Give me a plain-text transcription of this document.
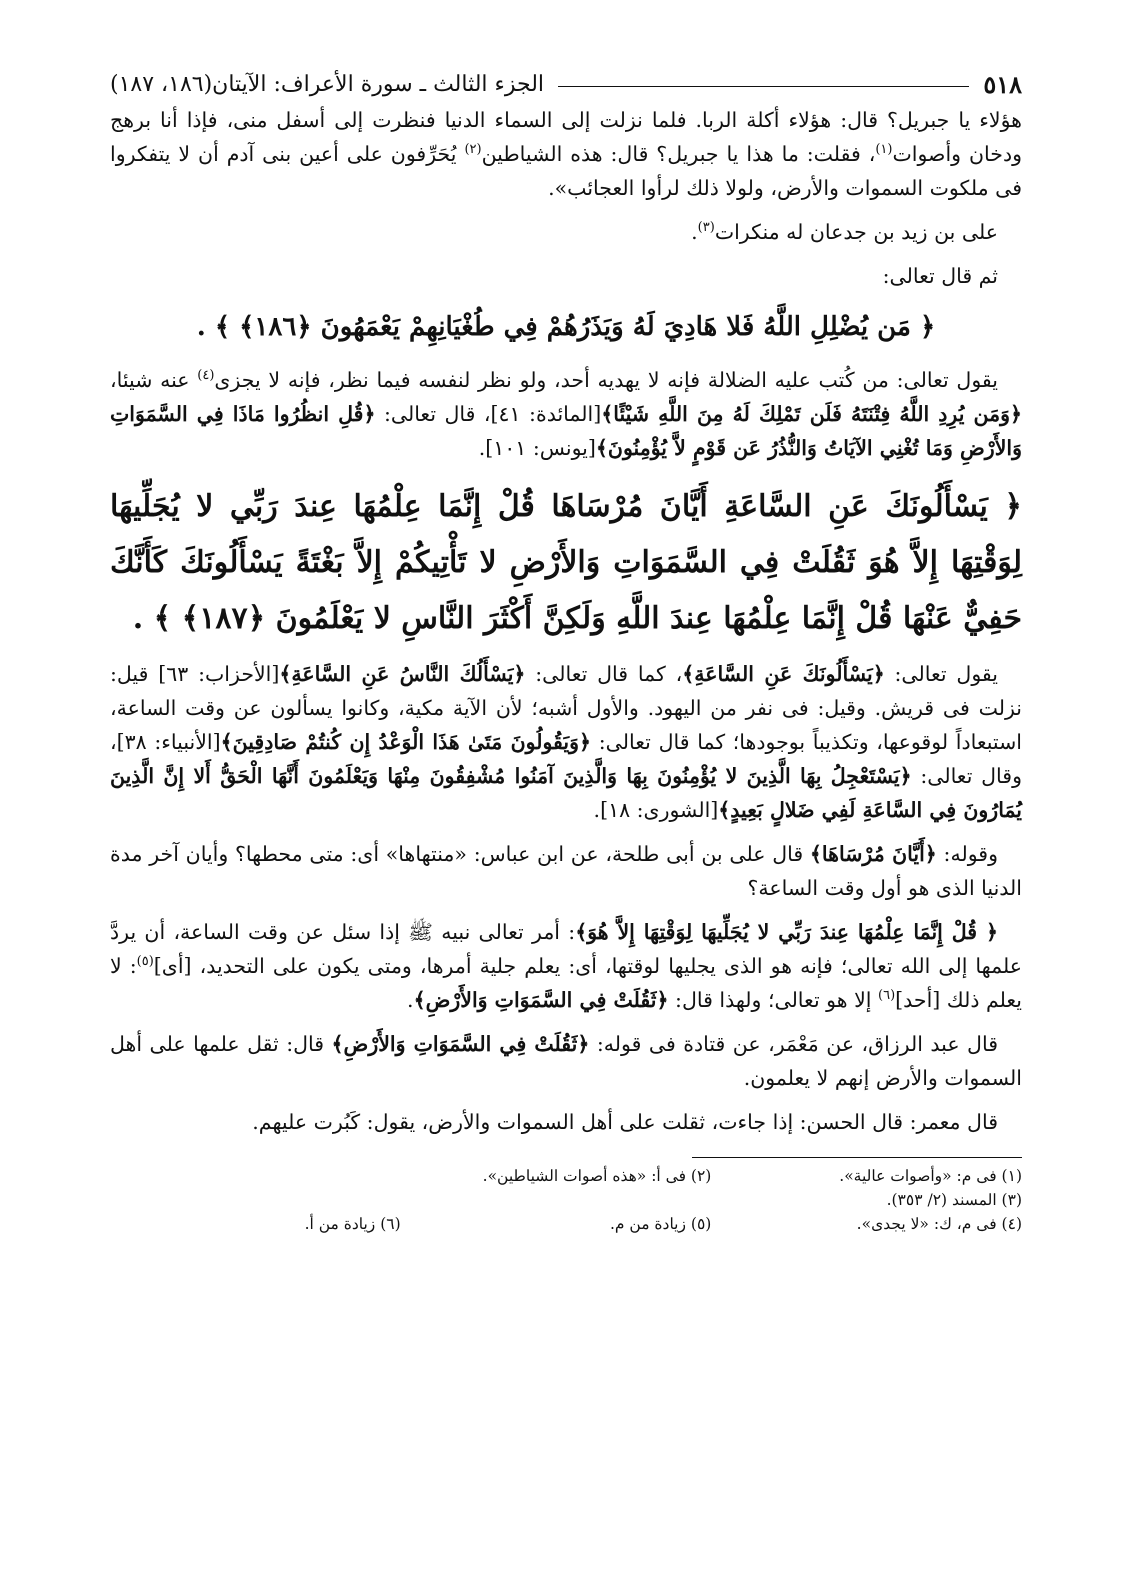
٥١٨
الجزء الثالث ـ سورة الأعراف: الآيتان(١٨٦، ١٨٧)

هؤلاء يا جبريل؟ قال: هؤلاء أكلة الربا. فلما نزلت إلى السماء الدنيا فنظرت إلى أسفل منى، فإذا أنا برهج ودخان وأصوات$^{(١)}$، فقلت: ما هذا يا جبريل؟ قال: هذه الشياطين$^{(٢)}$ يُحَرِّفون على أعين بنى آدم أن لا يتفكروا فى ملكوت السموات والأرض، ولولا ذلك لرأوا العجائب».

على بن زيد بن جدعان له منكرات$^{(٣)}$.

ثم قال تعالى:

﴿ مَن يُضْلِلِ اللَّهُ فَلا هَادِيَ لَهُ وَيَذَرُهُمْ فِي طُغْيَانِهِمْ يَعْمَهُونَ ﴿١٨٦﴾ ﴾ .

يقول تعالى: من كُتب عليه الضلالة فإنه لا يهديه أحد، ولو نظر لنفسه فيما نظر، فإنه لا يجزى$^{(٤)}$ عنه شيئا، ﴿وَمَن يُرِدِ اللَّهُ فِتْنَتَهُ فَلَن تَمْلِكَ لَهُ مِنَ اللَّهِ شَيْئًا﴾[المائدة: ٤١]، قال تعالى: ﴿قُلِ انظُرُوا مَاذَا فِي السَّمَوَاتِ وَالأَرْضِ وَمَا تُغْنِي الآيَاتُ وَالنُّذُرُ عَن قَوْمٍ لاَّ يُؤْمِنُونَ﴾[يونس: ١٠١].

﴿ يَسْأَلُونَكَ عَنِ السَّاعَةِ أَيَّانَ مُرْسَاهَا قُلْ إِنَّمَا عِلْمُهَا عِندَ رَبِّي لا يُجَلِّيهَا لِوَقْتِهَا إِلاَّ هُوَ ثَقُلَتْ فِي السَّمَوَاتِ وَالأَرْضِ لا تَأْتِيكُمْ إِلاَّ بَغْتَةً يَسْأَلُونَكَ كَأَنَّكَ حَفِيٌّ عَنْهَا قُلْ إِنَّمَا عِلْمُهَا عِندَ اللَّهِ وَلَكِنَّ أَكْثَرَ النَّاسِ لا يَعْلَمُونَ ﴿١٨٧﴾ ﴾ .

يقول تعالى: ﴿يَسْأَلُونَكَ عَنِ السَّاعَةِ﴾، كما قال تعالى: ﴿يَسْأَلُكَ النَّاسُ عَنِ السَّاعَةِ﴾[الأحزاب: ٦٣] قيل: نزلت فى قريش. وقيل: فى نفر من اليهود. والأول أشبه؛ لأن الآية مكية، وكانوا يسألون عن وقت الساعة، استبعاداً لوقوعها، وتكذيباً بوجودها؛ كما قال تعالى: ﴿وَيَقُولُونَ مَتَىٰ هَذَا الْوَعْدُ إِن كُنتُمْ صَادِقِينَ﴾[الأنبياء: ٣٨]، وقال تعالى: ﴿يَسْتَعْجِلُ بِهَا الَّذِينَ لا يُؤْمِنُونَ بِهَا وَالَّذِينَ آمَنُوا مُشْفِقُونَ مِنْهَا وَيَعْلَمُونَ أَنَّهَا الْحَقُّ أَلا إِنَّ الَّذِينَ يُمَارُونَ فِي السَّاعَةِ لَفِي ضَلالٍ بَعِيدٍ﴾[الشورى: ١٨].

وقوله: ﴿أَيَّانَ مُرْسَاهَا﴾ قال على بن أبى طلحة، عن ابن عباس: «منتهاها» أى: متى محطها؟ وأيان آخر مدة الدنيا الذى هو أول وقت الساعة؟

﴿ قُلْ إِنَّمَا عِلْمُهَا عِندَ رَبِّي لا يُجَلِّيهَا لِوَقْتِهَا إِلاَّ هُوَ﴾: أمر تعالى نبيه ﷺ إذا سئل عن وقت الساعة، أن يردَّ علمها إلى الله تعالى؛ فإنه هو الذى يجليها لوقتها، أى: يعلم جلية أمرها، ومتى يكون على التحديد، [أى]$^{(٥)}$: لا يعلم ذلك [أحد]$^{(٦)}$ إلا هو تعالى؛ ولهذا قال: ﴿ثَقُلَتْ فِي السَّمَوَاتِ وَالأَرْضِ﴾.

قال عبد الرزاق، عن مَعْمَر، عن قتادة فى قوله: ﴿ثَقُلَتْ فِي السَّمَوَاتِ وَالأَرْضِ﴾ قال: ثقل علمها على أهل السموات والأرض إنهم لا يعلمون.

قال معمر: قال الحسن: إذا جاءت، ثقلت على أهل السموات والأرض، يقول: كَبُرت عليهم.

(١) فى م: «وأصوات عالية».
(٢) فى أ: «هذه أصوات الشياطين».
(٣) المسند (٢/ ٣٥٣).
(٤) فى م، ك: «لا يجدى».
(٥) زيادة من م.
(٦) زيادة من أ.
